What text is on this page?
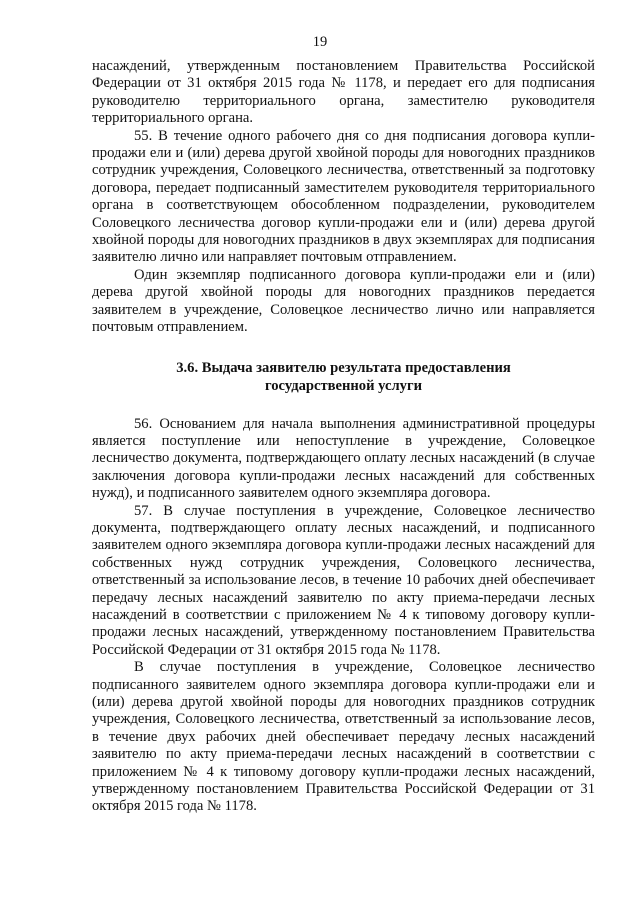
19

насаждений, утвержденным постановлением Правительства Российской Федерации от 31 октября 2015 года № 1178, и передает его для подписания руководителю территориального органа, заместителю руководителя территориального органа.

55. В течение одного рабочего дня со дня подписания договора купли-продажи ели и (или) дерева другой хвойной породы для новогодних праздников сотрудник учреждения, Соловецкого лесничества, ответственный за подготовку договора, передает подписанный заместителем руководителя территориального органа в соответствующем обособленном подразделении, руководителем Соловецкого лесничества договор купли-продажи ели и (или) дерева другой хвойной породы для новогодних праздников в двух экземплярах для подписания заявителю лично или направляет почтовым отправлением.

Один экземпляр подписанного договора купли-продажи ели и (или) дерева другой хвойной породы для новогодних праздников передается заявителем в учреждение, Соловецкое лесничество лично или направляется почтовым отправлением.

3.6. Выдача заявителю результата предоставления
государственной услуги

56. Основанием для начала выполнения административной процедуры является поступление или непоступление в учреждение, Соловецкое лесничество документа, подтверждающего оплату лесных насаждений (в случае заключения договора купли-продажи лесных насаждений для собственных нужд), и подписанного заявителем одного экземпляра договора.

57. В случае поступления в учреждение, Соловецкое лесничество документа, подтверждающего оплату лесных насаждений, и подписанного заявителем одного экземпляра договора купли-продажи лесных насаждений для собственных нужд сотрудник учреждения, Соловецкого лесничества, ответственный за использование лесов, в течение 10 рабочих дней обеспечивает передачу лесных насаждений заявителю по акту приема-передачи лесных насаждений в соответствии с приложением № 4 к типовому договору купли-продажи лесных насаждений, утвержденному постановлением Правительства Российской Федерации от 31 октября 2015 года № 1178.

В случае поступления в учреждение, Соловецкое лесничество подписанного заявителем одного экземпляра договора купли-продажи ели и (или) дерева другой хвойной породы для новогодних праздников сотрудник учреждения, Соловецкого лесничества, ответственный за использование лесов, в течение двух рабочих дней обеспечивает передачу лесных насаждений заявителю по акту приема-передачи лесных насаждений в соответствии с приложением № 4 к типовому договору купли-продажи лесных насаждений, утвержденному постановлением Правительства Российской Федерации от 31 октября 2015 года № 1178.
